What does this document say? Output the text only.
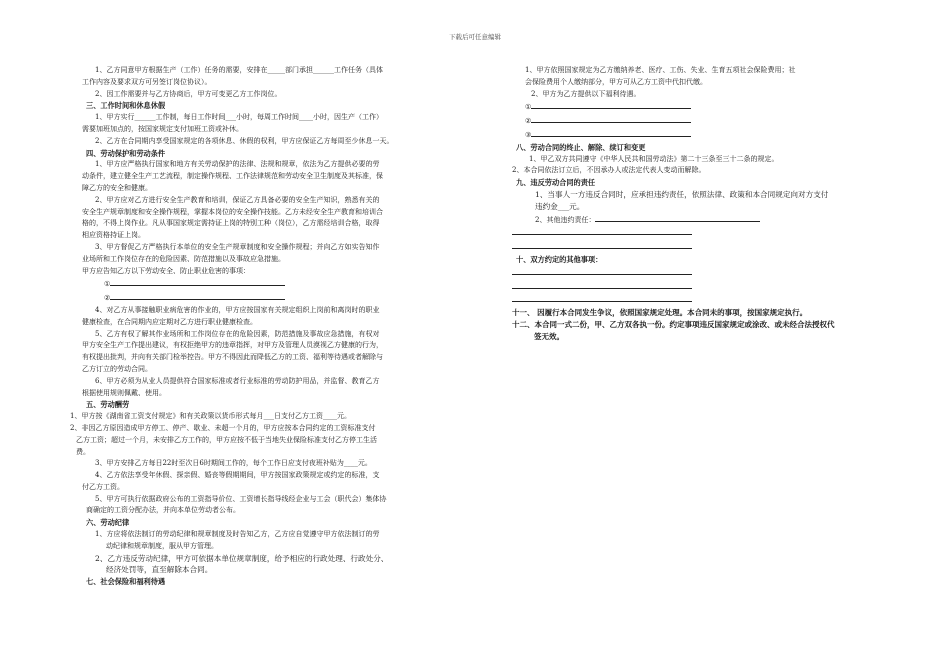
下载后可任意编辑

1、乙方同意甲方根据生产（工作）任务的需要，安排在_____部门承担______工作任务（具体

工作内容及要求双方可另签订岗位协议）。

2、因工作需要并与乙方协商后，甲方可变更乙方工作岗位。

三、工作时间和休息休假

1、甲方实行______工作制，每日工作时间___小时，每周工作时间____小时，因生产（工作）

需要加班加点的，按国家规定支付加班工资或补休。

2、乙方在合同期内享受国家规定的各项休息、休假的权利，甲方应保证乙方每周至少休息一天。

四、劳动保护和劳动条件

1、甲方应严格执行国家和地方有关劳动保护的法律、法规和规章，依法为乙方提供必要的劳

动条件，建立健全生产工艺流程，制定操作规程、工作法律规范和劳动安全卫生制度及其标准，保

障乙方的安全和健康。

2、甲方应对乙方进行安全生产教育和培训，保证乙方具备必要的安全生产知识，熟悉有关的

安全生产规章制度和安全操作规程，掌握本岗位的安全操作技能。乙方未经安全生产教育和培训合

格的，不得上岗作业。凡从事国家规定需持证上岗的特别工种（岗位），乙方需经培训合格，取得

相应资格持证上岗。

3、甲方督促乙方严格执行本单位的安全生产规章制度和安全操作规程；并向乙方如实告知作

业场所和工作岗位存在的危险因素、防范措施以及事故应急措施。

甲方应告知乙方以下劳动安全、防止职业危害的事项：

①

②

4、对乙方从事接触职业病危害的作业的，甲方应按国家有关规定组织上岗前和离岗时的职业

健康检查，在合同期内应定期对乙方进行职业健康检查。

5、乙方有权了解其作业场所和工作岗位存在的危险因素，防范措施及事故应急措施，有权对

甲方安全生产工作提出建议，有权拒绝甲方的违章指挥，对甲方及管理人员漠视乙方健康的行为，

有权提出批判，并向有关部门检举控告。甲方不得因此而降低乙方的工资、福利等待遇或者解除与

乙方订立的劳动合同。

6、甲方必须为从业人员提供符合国家标准或者行业标准的劳动防护用品，并监督、教育乙方

根据使用规则佩戴、使用。

五、劳动酬劳

1、甲方按《湖南省工资支付规定》和有关政策以货币形式每月___日支付乙方工资____元。

2、非因乙方原因造成甲方停工、停产、歇业、未超一个月的，甲方应按本合同约定的工资标准支付

乙方工资；超过一个月，未安排乙方工作的，甲方应按不低于当地失业保险标准支付乙方停工生活

费。

3、甲方安排乙方每日22时至次日6时期间工作的，每个工作日应支付夜班补贴为____元。

4、乙方依法享受年休假、探亲假、婚丧等假期期间，甲方按国家政策规定或约定的标准，支

付乙方工资。

5、甲方可执行依据政府公布的工资指导价位、工资增长指导线经企业与工会（职代会）集体协

商确定的工资分配办法，并向本单位劳动者公布。

六、劳动纪律

1、方应将依法制订的劳动纪律和规章制度及时告知乙方，乙方应自觉遵守甲方依法制订的劳

动纪律和规章制度，服从甲方管理。

2、乙方违反劳动纪律，甲方可依据本单位规章制度，给予相应的行政处理、行政处分、

经济处罚等，直至解除本合同。

七、社会保险和福利待遇

1、甲方依照国家规定为乙方缴纳养老、医疗、工伤、失业、生育五项社会保险费用；社

会保险费用个人缴纳部分，甲方可从乙方工资中代扣代缴。

2、甲方为乙方提供以下福利待遇。

①

②

③

八、劳动合同的终止、解除、续订和变更

1、甲乙双方共同遵守《中华人民共和国劳动法》第二十三条至三十二条的规定。

2、本合同依法订立后，不因承办人或法定代表人变动而解除。

九、违反劳动合同的责任

1、当事人一方违反合同时，应承担违约责任，依照法律、政策和本合同规定向对方支付

违约金___元。

2、其他违约责任：

十、双方约定的其他事项：

十一、 因履行本合同发生争议，依照国家规定处理。本合同未的事项，按国家规定执行。

十二、本合同一式二份，甲、乙方双各执一份。约定事项违反国家规定或涂改、或未经合法授权代

签无效。
